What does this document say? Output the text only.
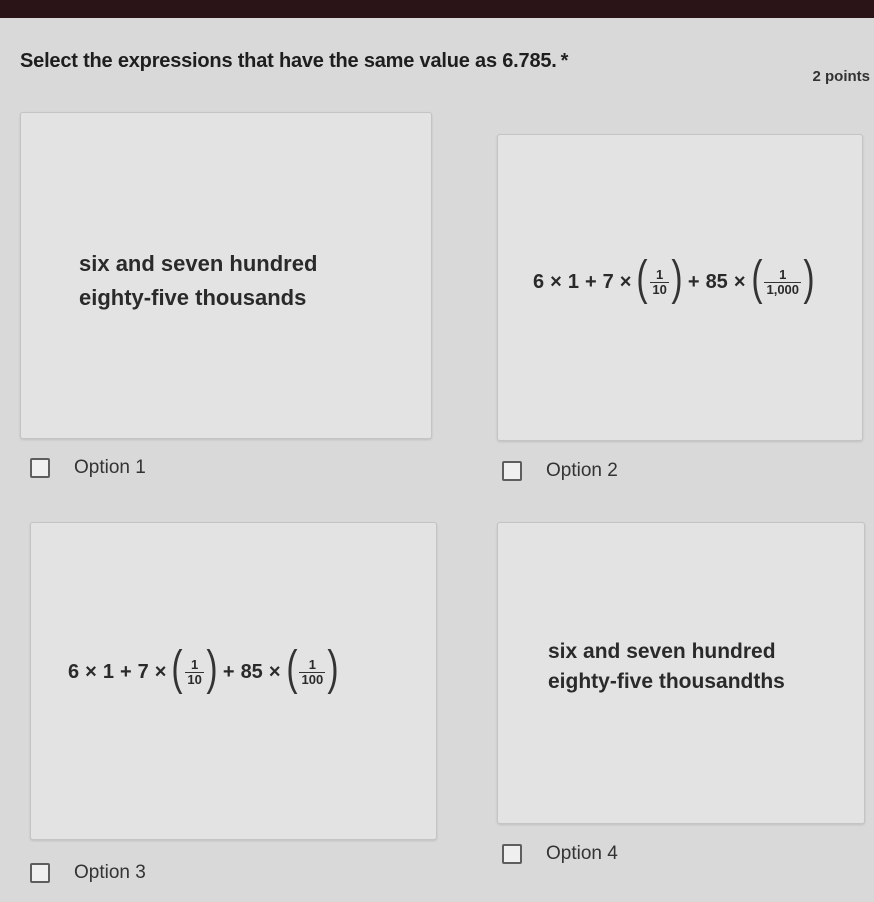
Select the expressions that have the same value as 6.785. *
2 points
six and seven hundred
eighty-five thousands
Option 1
6 × 1 + 7 × ( $\frac{1}{10}$ ) + 85 × ( $\frac{1}{1,000}$ )
Option 2
6 × 1 + 7 × ( $\frac{1}{10}$ ) + 85 × ( $\frac{1}{100}$ )
Option 3
six and seven hundred
eighty-five thousandths
Option 4
